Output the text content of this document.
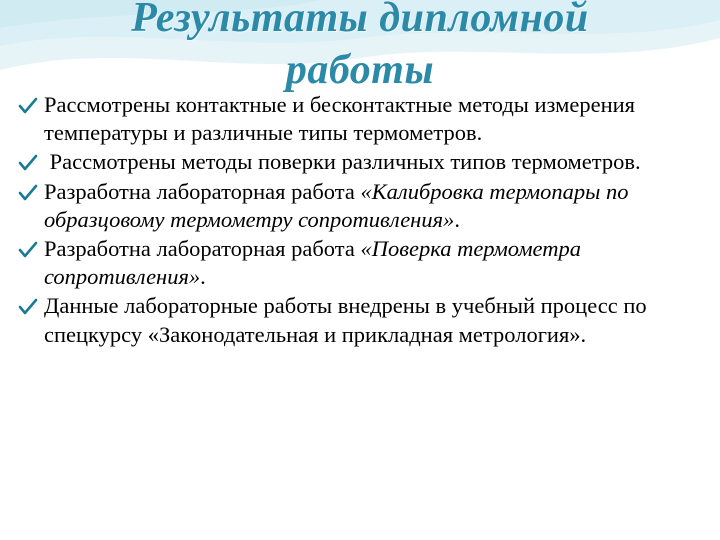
Результаты дипломной
работы
Рассмотрены контактные и бесконтактные методы измерения температуры и различные типы термометров.
Рассмотрены методы поверки различных типов термометров.
Разработна лабораторная работа «Калибровка термопары по образцовому термометру сопротивления».
Разработна лабораторная работа «Поверка термометра сопротивления».
Данные лабораторные работы внедрены в учебный процесс по спецкурсу «Законодательная и прикладная метрология».
